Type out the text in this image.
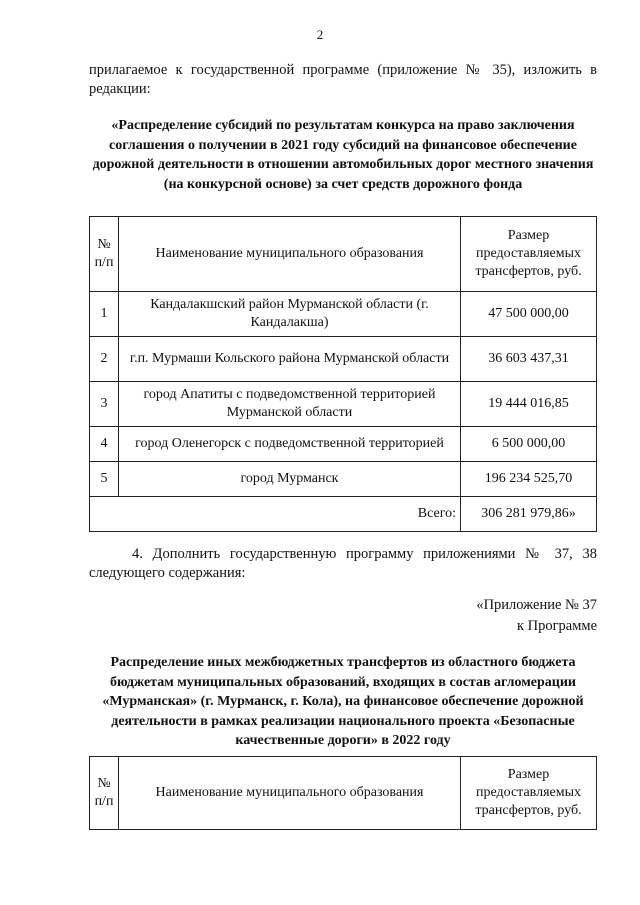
2
прилагаемое к государственной программе (приложение № 35), изложить в редакции:
«Распределение субсидий по результатам конкурса на право заключения соглашения о получении в 2021 году субсидий на финансовое обеспечение дорожной деятельности в отношении автомобильных дорог местного значения (на конкурсной основе) за счет средств дорожного фонда
№ п/п	Наименование муниципального образования	Размер предоставляемых трансфертов, руб.
1	Кандалакшский район Мурманской области (г. Кандалакша)	47 500 000,00
2	г.п. Мурмаши Кольского района Мурманской области	36 603 437,31
3	город Апатиты с подведомственной территорией Мурманской области	19 444 016,85
4	город Оленегорск с подведомственной территорией	6 500 000,00
5	город Мурманск	196 234 525,70
Всего:		306 281 979,86»
4. Дополнить государственную программу приложениями № 37, 38 следующего содержания:
«Приложение № 37
к Программе
Распределение иных межбюджетных трансфертов из областного бюджета бюджетам муниципальных образований, входящих в состав агломерации «Мурманская» (г. Мурманск, г. Кола), на финансовое обеспечение дорожной деятельности в рамках реализации национального проекта «Безопасные качественные дороги» в 2022 году
№ п/п	Наименование муниципального образования	Размер предоставляемых трансфертов, руб.
